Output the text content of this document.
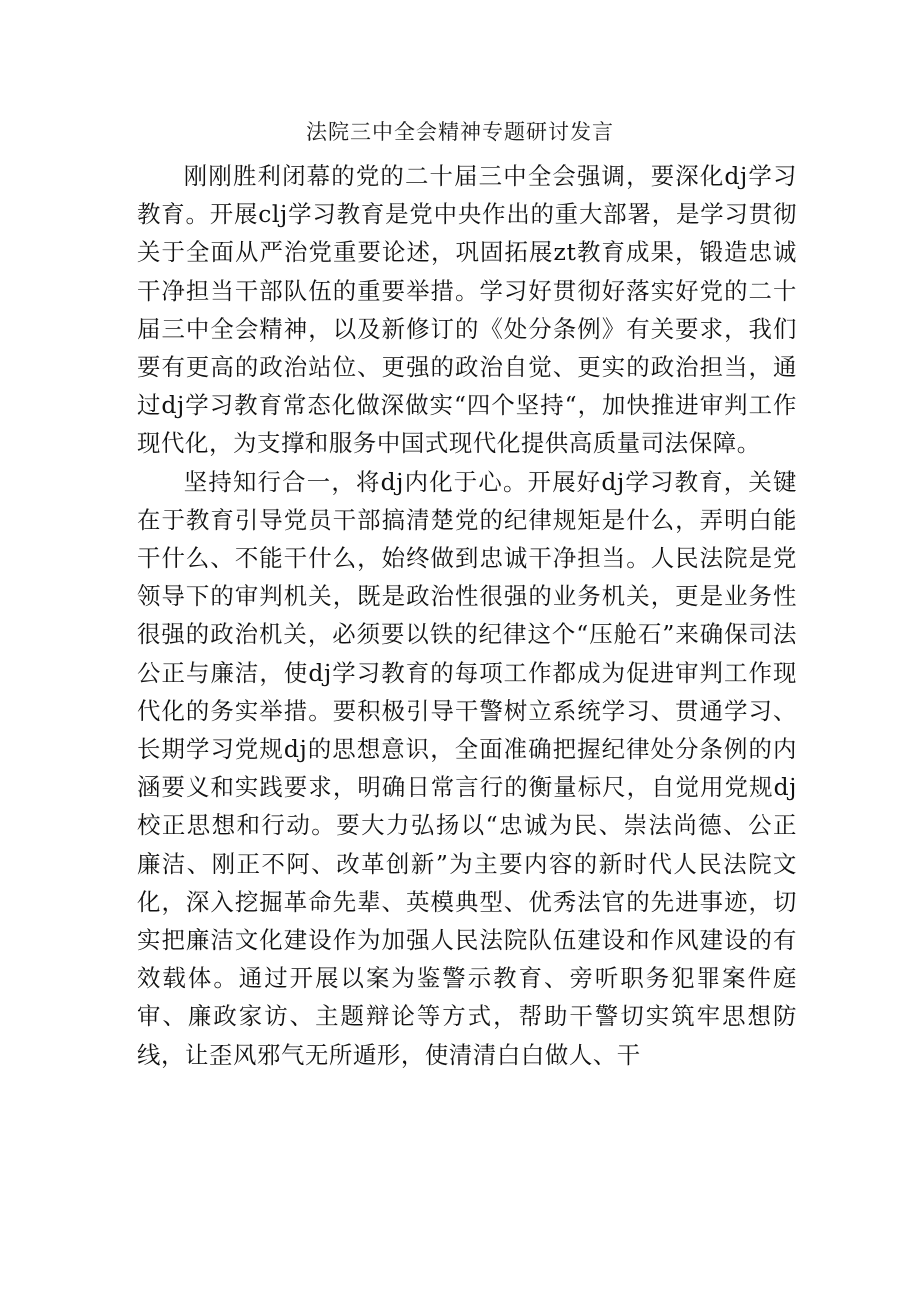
法院三中全会精神专题研讨发言

刚刚胜利闭幕的党的二十届三中全会强调，要深化dj学习教育。开展clj学习教育是党中央作出的重大部署，是学习贯彻关于全面从严治党重要论述，巩固拓展zt教育成果，锻造忠诚干净担当干部队伍的重要举措。学习好贯彻好落实好党的二十届三中全会精神，以及新修订的《处分条例》有关要求，我们要有更高的政治站位、更强的政治自觉、更实的政治担当，通过dj学习教育常态化做深做实“四个坚持“，加快推进审判工作现代化，为支撑和服务中国式现代化提供高质量司法保障。

坚持知行合一，将dj内化于心。开展好dj学习教育，关键在于教育引导党员干部搞清楚党的纪律规矩是什么，弄明白能干什么、不能干什么，始终做到忠诚干净担当。人民法院是党领导下的审判机关，既是政治性很强的业务机关，更是业务性很强的政治机关，必须要以铁的纪律这个“压舱石”来确保司法公正与廉洁，使dj学习教育的每项工作都成为促进审判工作现代化的务实举措。要积极引导干警树立系统学习、贯通学习、长期学习党规dj的思想意识，全面准确把握纪律处分条例的内涵要义和实践要求，明确日常言行的衡量标尺，自觉用党规dj校正思想和行动。要大力弘扬以“忠诚为民、崇法尚德、公正廉洁、刚正不阿、改革创新”为主要内容的新时代人民法院文化，深入挖掘革命先辈、英模典型、优秀法官的先进事迹，切实把廉洁文化建设作为加强人民法院队伍建设和作风建设的有效载体。通过开展以案为鉴警示教育、旁听职务犯罪案件庭审、廉政家访、主题辩论等方式，帮助干警切实筑牢思想防线，让歪风邪气无所遁形，使清清白白做人、干
